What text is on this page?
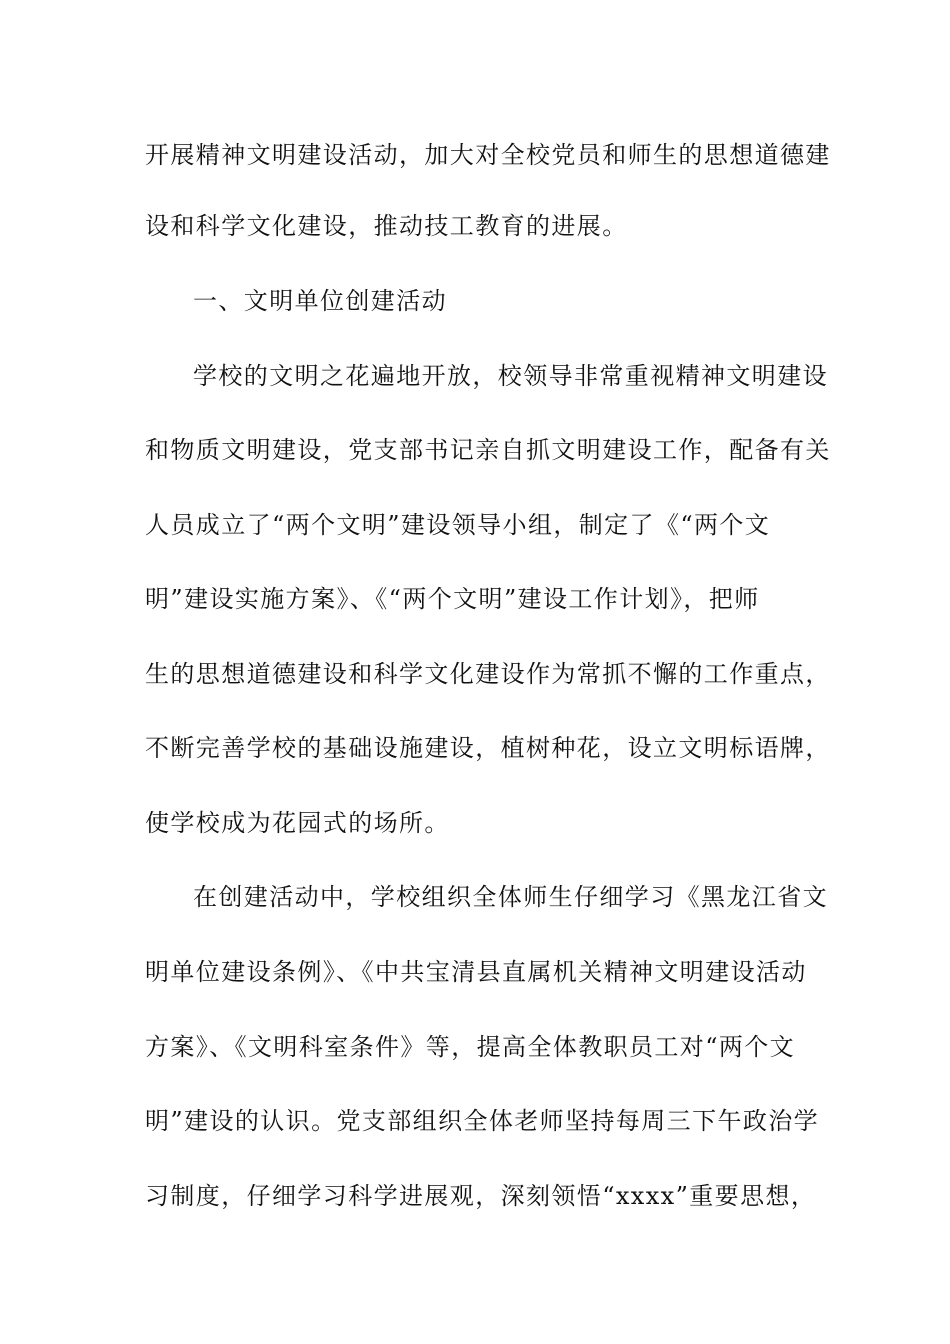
开展精神文明建设活动，加大对全校党员和师生的思想道德建
设和科学文化建设，推动技工教育的进展。
一、文明单位创建活动
学校的文明之花遍地开放，校领导非常重视精神文明建设
和物质文明建设，党支部书记亲自抓文明建设工作，配备有关
人员成立了“两个文明”建设领导小组，制定了《“两个文
明”建设实施方案》、《“两个文明”建设工作计划》，把师
生的思想道德建设和科学文化建设作为常抓不懈的工作重点，
不断完善学校的基础设施建设，植树种花，设立文明标语牌，
使学校成为花园式的场所。
在创建活动中，学校组织全体师生仔细学习《黑龙江省文
明单位建设条例》、《中共宝清县直属机关精神文明建设活动
方案》、《文明科室条件》等，提高全体教职员工对“两个文
明”建设的认识。党支部组织全体老师坚持每周三下午政治学
习制度，仔细学习科学进展观，深刻领悟“xxxx”重要思想，
